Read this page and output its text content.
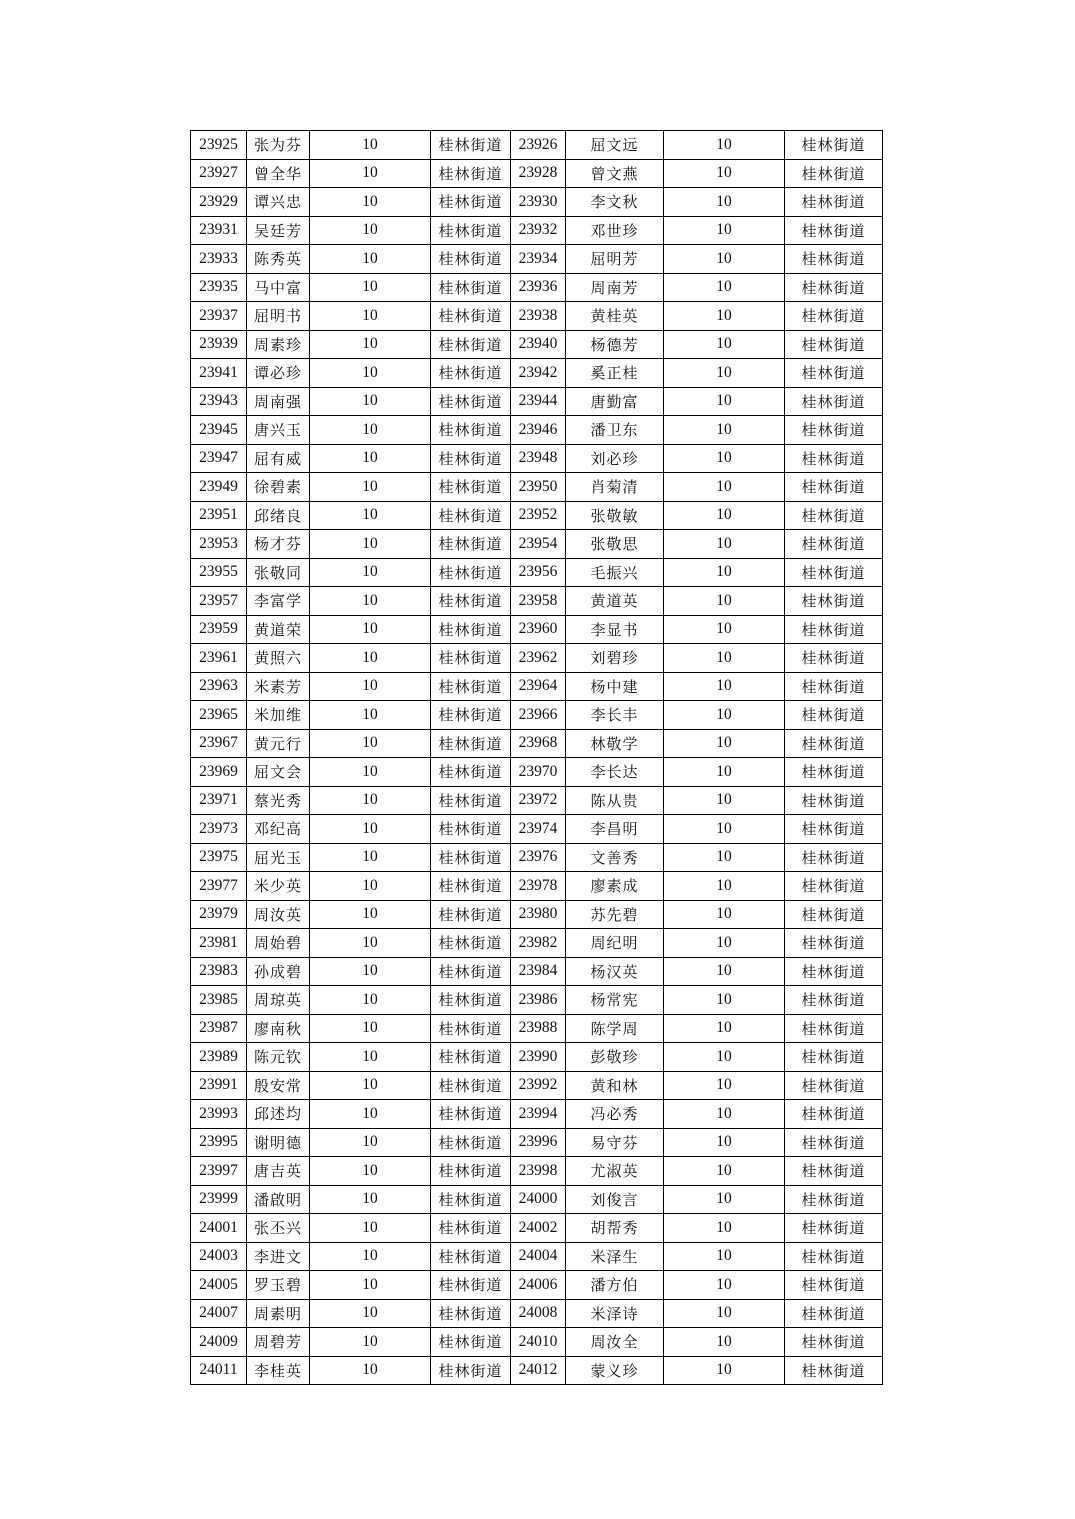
23925	张为芬	10	桂林街道	23926	屈文远	10	桂林街道
23927	曾全华	10	桂林街道	23928	曾文燕	10	桂林街道
23929	谭兴忠	10	桂林街道	23930	李文秋	10	桂林街道
23931	吴廷芳	10	桂林街道	23932	邓世珍	10	桂林街道
23933	陈秀英	10	桂林街道	23934	屈明芳	10	桂林街道
23935	马中富	10	桂林街道	23936	周南芳	10	桂林街道
23937	屈明书	10	桂林街道	23938	黄桂英	10	桂林街道
23939	周素珍	10	桂林街道	23940	杨德芳	10	桂林街道
23941	谭必珍	10	桂林街道	23942	奚正桂	10	桂林街道
23943	周南强	10	桂林街道	23944	唐勤富	10	桂林街道
23945	唐兴玉	10	桂林街道	23946	潘卫东	10	桂林街道
23947	屈有威	10	桂林街道	23948	刘必珍	10	桂林街道
23949	徐碧素	10	桂林街道	23950	肖菊清	10	桂林街道
23951	邱绪良	10	桂林街道	23952	张敬敏	10	桂林街道
23953	杨才芬	10	桂林街道	23954	张敬思	10	桂林街道
23955	张敬同	10	桂林街道	23956	毛振兴	10	桂林街道
23957	李富学	10	桂林街道	23958	黄道英	10	桂林街道
23959	黄道荣	10	桂林街道	23960	李显书	10	桂林街道
23961	黄照六	10	桂林街道	23962	刘碧珍	10	桂林街道
23963	米素芳	10	桂林街道	23964	杨中建	10	桂林街道
23965	米加维	10	桂林街道	23966	李长丰	10	桂林街道
23967	黄元行	10	桂林街道	23968	林敬学	10	桂林街道
23969	屈文会	10	桂林街道	23970	李长达	10	桂林街道
23971	蔡光秀	10	桂林街道	23972	陈从贵	10	桂林街道
23973	邓纪高	10	桂林街道	23974	李昌明	10	桂林街道
23975	屈光玉	10	桂林街道	23976	文善秀	10	桂林街道
23977	米少英	10	桂林街道	23978	廖素成	10	桂林街道
23979	周汝英	10	桂林街道	23980	苏先碧	10	桂林街道
23981	周始碧	10	桂林街道	23982	周纪明	10	桂林街道
23983	孙成碧	10	桂林街道	23984	杨汉英	10	桂林街道
23985	周琼英	10	桂林街道	23986	杨常宪	10	桂林街道
23987	廖南秋	10	桂林街道	23988	陈学周	10	桂林街道
23989	陈元钦	10	桂林街道	23990	彭敬珍	10	桂林街道
23991	殷安常	10	桂林街道	23992	黄和林	10	桂林街道
23993	邱述均	10	桂林街道	23994	冯必秀	10	桂林街道
23995	谢明德	10	桂林街道	23996	易守芬	10	桂林街道
23997	唐吉英	10	桂林街道	23998	尤淑英	10	桂林街道
23999	潘啟明	10	桂林街道	24000	刘俊言	10	桂林街道
24001	张丕兴	10	桂林街道	24002	胡帮秀	10	桂林街道
24003	李进文	10	桂林街道	24004	米泽生	10	桂林街道
24005	罗玉碧	10	桂林街道	24006	潘方伯	10	桂林街道
24007	周素明	10	桂林街道	24008	米泽诗	10	桂林街道
24009	周碧芳	10	桂林街道	24010	周汝全	10	桂林街道
24011	李桂英	10	桂林街道	24012	蒙义珍	10	桂林街道
